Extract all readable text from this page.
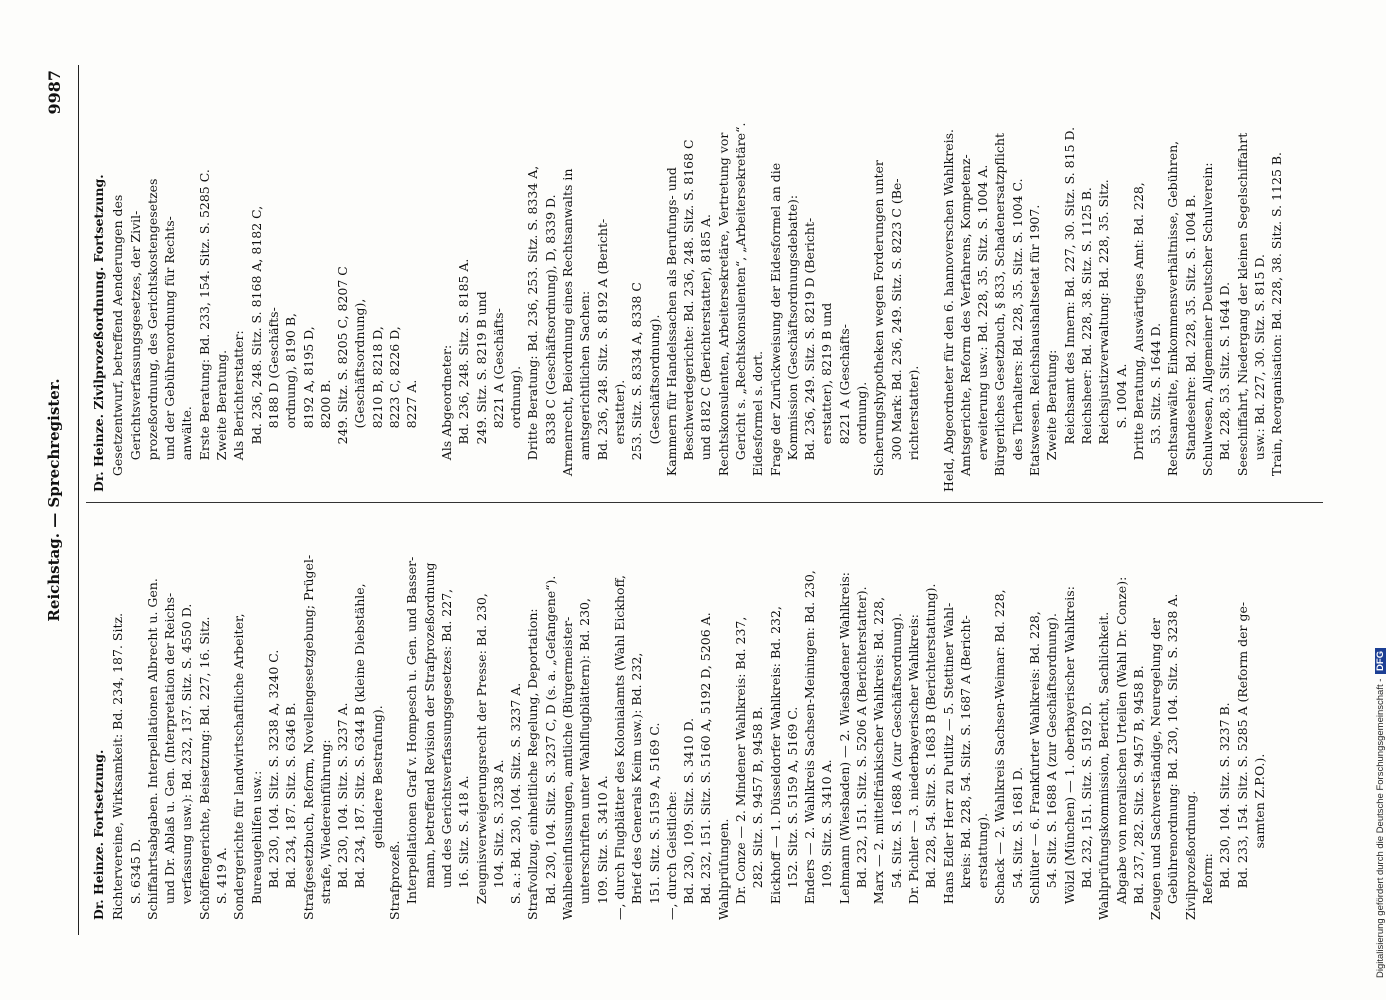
Reichstag. — Sprechregister.
9987
Dr. Heinze. Fortsetzung. Richtervereine, Wirksamkeit: Bd. 234, 187. Sitz. S. 6345 D. Schiffahrtsabgaben. Interpellationen Albrecht u. Gen. und Dr. Ablaß u. Gen. (Interpretation der Reichs- verfassung usw.): Bd. 232, 137. Sitz. S. 4550 D. Schöffengerichte, Beisetzung: Bd. 227, 16. Sitz. S. 419 A. Sondergerichte für landwirtschaftliche Arbeiter, Bureaugehilfen usw.: Bd. 230, 104. Sitz. S. 3238 A, 3240 C. Bd. 234, 187. Sitz. S. 6346 B. Strafgesetzbuch, Reform, Novellengesetzgebung; Prügel- strafe, Wiedereinführung: Bd. 230, 104. Sitz. S. 3237 A. Bd. 234, 187. Sitz. S. 6344 B (kleine Diebstähle, gelindere Bestrafung). Strafprozeß. Interpellationen Graf v. Hompesch u. Gen. und Basser- mann, betreffend Revision der Strafprozeßordnung und des Gerichtsverfassungsgesetzes: Bd. 227, 16. Sitz. S. 418 A. Zeugnisverweigerungsrecht der Presse: Bd. 230, 104. Sitz. S. 3238 A. S. a.: Bd. 230, 104. Sitz. S. 3237 A. Strafvollzug, einheitliche Regelung, Deportation: Bd. 230, 104. Sitz. S. 3237 C, D (s. a. „Gefangene“). Wahlbeeinflussungen, amtliche (Bürgermeister- unterschriften unter Wahlflugblättern): Bd. 230, 109. Sitz. S. 3410 A. —, durch Flugblätter des Kolonialamts (Wahl Eickhoff, Brief des Generals Keim usw.): Bd. 232, 151. Sitz. S. 5159 A, 5169 C. —, durch Geistliche: Bd. 230, 109. Sitz. S. 3410 D. Bd. 232, 151. Sitz. S. 5160 A, 5192 D, 5206 A. Wahlprüfungen. Dr. Conze — 2. Mindener Wahlkreis: Bd. 237, 282. Sitz. S. 9457 B, 9458 B. Eickhoff — 1. Düsseldorfer Wahlkreis: Bd. 232, 152. Sitz. S. 5159 A, 5169 C. Enders — 2. Wahlkreis Sachsen-Meiningen: Bd. 230, 109. Sitz. S. 3410 A. Lehmann (Wiesbaden) — 2. Wiesbadener Wahlkreis: Bd. 232, 151. Sitz. S. 5206 A (Berichterstatter). Marx — 2. mittelfränkischer Wahlkreis: Bd. 228, 54. Sitz. S. 1688 A (zur Geschäftsordnung). Dr. Pichler — 3. niederbayerischer Wahlkreis: Bd. 228, 54. Sitz. S. 1683 B (Berichterstattung). Hans Edler Herr zu Putlitz — 5. Stettiner Wahl- kreis: Bd. 228, 54. Sitz. S. 1687 A (Bericht- erstattung). Schack — 2. Wahlkreis Sachsen-Weimar: Bd. 228, 54. Sitz. S. 1681 D. Schlüter — 6. Frankfurter Wahlkreis: Bd. 228, 54. Sitz. S. 1688 A (zur Geschäftsordnung). Wölzl (München) — 1. oberbayerischer Wahlkreis: Bd. 232, 151. Sitz. S. 5192 D. Wahlprüfungskommission, Bericht, Sachlichkeit. Abgabe von moralischen Urteilen (Wahl Dr. Conze): Bd. 237, 282. Sitz. S. 9457 B, 9458 B. Zeugen und Sachverständige, Neuregelung der Gebührenordnung: Bd. 230, 104. Sitz. S. 3238 A. Zivilprozeßordnung. Reform: Bd. 230, 104. Sitz. S. 3237 B. Bd. 233, 154. Sitz. S. 5285 A (Reform der ge- samten Z.P.O.).
Dr. Heinze. Zivilprozeßordnung. Fortsetzung. Gesetzentwurf, betreffend Aenderungen des Gerichtsverfassungsgesetzes, der Zivil- prozeßordnung, des Gerichtskostengesetzes und der Gebührenordnung für Rechts- anwälte. Erste Beratung: Bd. 233, 154. Sitz. S. 5285 C. Zweite Beratung. Als Berichterstatter: Bd. 236, 248. Sitz. S. 8168 A, 8182 C, 8188 D (Geschäfts- ordnung), 8190 B, 8192 A, 8195 D, 8200 B. 249. Sitz. S. 8205 C, 8207 C (Geschäftsordnung), 8210 B, 8218 D, 8223 C, 8226 D, 8227 A.
Als Abgeordneter: Bd. 236, 248. Sitz. S. 8185 A. 249. Sitz. S. 8219 B und 8221 A (Geschäfts- ordnung). Dritte Beratung: Bd. 236, 253. Sitz. S. 8334 A, 8338 C (Geschäftsordnung), D, 8339 D. Armenrecht, Beiordnung eines Rechtsanwalts in amtsgerichtlichen Sachen: Bd. 236, 248. Sitz. S. 8192 A (Bericht- erstatter). 253. Sitz. S. 8334 A, 8338 C (Geschäftsordnung). Kammern für Handelssachen als Berufungs- und Beschwerdegerichte: Bd. 236, 248. Sitz. S. 8168 C und 8182 C (Berichterstatter), 8185 A. Rechtskonsulenten, Arbeitersekretäre, Vertretung vor Gericht s. „Rechtskonsulenten“, „Arbeitersekretäre“. Eidesformel s. dort. Frage der Zurückweisung der Eidesformel an die Kommission (Geschäftsordnungsdebatte): Bd. 236, 249. Sitz. S. 8219 D (Bericht- erstatter), 8219 B und 8221 A (Geschäfts- ordnung). Sicherungshypotheken wegen Forderungen unter 300 Mark: Bd. 236, 249. Sitz. S. 8223 C (Be- richterstatter).
Held, Abgeordneter für den 6. hannoverschen Wahlkreis. Amtsgerichte, Reform des Verfahrens, Kompetenz- erweiterung usw.: Bd. 228, 35. Sitz. S. 1004 A. Bürgerliches Gesetzbuch, § 833, Schadenersatzpflicht des Tierhalters: Bd. 228, 35. Sitz. S. 1004 C. Etatswesen. Reichshaushaltsetat für 1907. Zweite Beratung: Reichsamt des Innern: Bd. 227, 30. Sitz. S. 815 D. Reichsheer: Bd. 228, 38. Sitz. S. 1125 B. Reichsjustizverwaltung: Bd. 228, 35. Sitz. S. 1004 A. Dritte Beratung, Auswärtiges Amt: Bd. 228, 53. Sitz. S. 1644 D. Rechtsanwälte, Einkommensverhältnisse, Gebühren, Standesehre: Bd. 228, 35. Sitz. S. 1004 B. Schulwesen, Allgemeiner Deutscher Schulverein: Bd. 228, 53. Sitz. S. 1644 D. Seeschiffahrt, Niedergang der kleinen Segelschiffahrt usw.: Bd. 227, 30. Sitz. S. 815 D. Train, Reorganisation: Bd. 228, 38. Sitz. S. 1125 B.
Digitalisierung gefördert durch die Deutsche Forschungsgemeinschaft - DFG
